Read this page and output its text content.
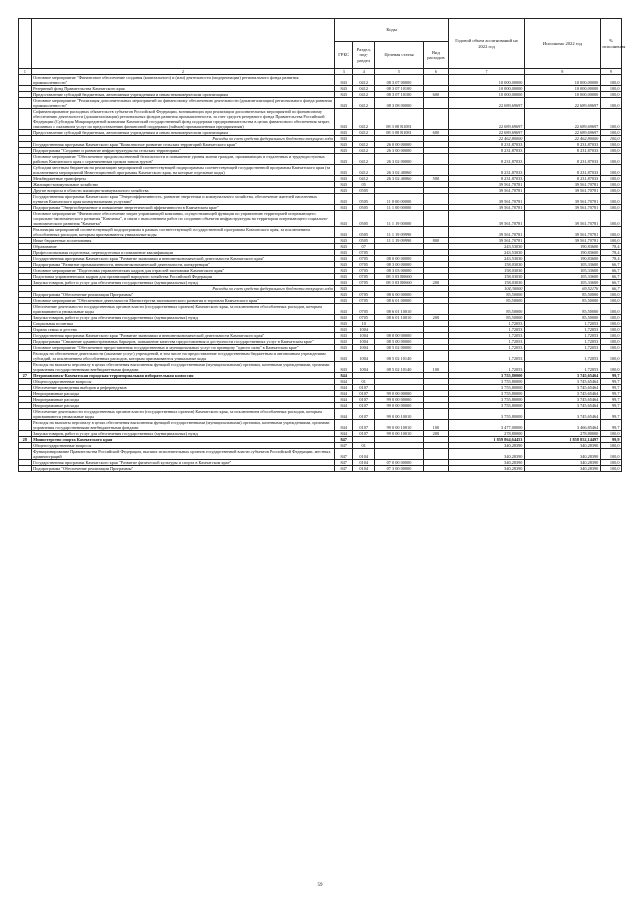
		Коды				Годовой объем ассигнований на 2022 год	Исполнено 2022 год	% исполнения
		ГРБС	Раздел, под- раздел	Целевая статья	Вид расходов			
1	2	3	4	5	6	7	8	9
	Основное мероприятие "Финансовое обеспечение создания (капитального) и (или) деятельности (модернизации) регионального фонда развития промышленности"	843	0412	08 3 07 00000		10 000,00000	10 000,00000	100,0
	Резервный фонд Правительства Камчатского края	843	0412	08 3 07 10100		10 000,00000	10 000,00000	100,0
	Предоставление субсидий бюджетным, автономным учреждениям и иным некоммерческим организациям	843	0412	08 3 07 10100	600	10 000,00000	10 000,00000	100,0
	Основное мероприятие "Реализация дополнительных мероприятий по финансовому обеспечению деятельности (докапитализации) регионального фонда развития промышленности"	843	0412	08 3 08 00000		22 689,69697	22 689,69697	100,0
	Софинансирование расходных обязательств субъектов Российской Федерации, возникающих при реализации дополнительных мероприятий по финансовому обеспечению деятельности (докапитализации) региональных фондов развития промышленности, за счет средств резервного фонда Правительства Российской Федерации (Субсидия Микрокредитной компании Камчатский государственный фонд поддержки предпринимательства в целях финансового обеспечения затрат, связанных с оказанием услуг по предоставлению финансовой поддержки (займов) промышленным предприятиям)	843	0412	08 3 08 R1081		22 689,69697	22 689,69697	100,0
	Предоставление субсидий бюджетным, автономным учреждениям и иным некоммерческим организациям	843	0412	08 3 08 R1081	600	22 689,69697	22 689,69697	100,0
	Расходы за счет средств федерального бюджета текущего года	843				22 462,80000	22 462,80000	100,0
	Государственная программа Камчатского края "Комплексное развитие сельских территорий Камчатского края"	843	0412	26 0 00 00000		8 231,87033	8 231,87033	100,0
	Подпрограмма "Создание и развитие инфраструктуры на сельских территориях"	843	0412	26 3 00 00000		8 231,87033	8 231,87033	100,0
	Основное мероприятие "Обеспечение продовольственной безопасности и повышение уровня жизни граждан, проживающих в отдаленных и труднодоступных районах Камчатского края с ограниченным сроком завоза грузов"	843	0412	26 3 02 00000		8 231,87033	8 231,87033	100,0
	Субсидии местным бюджетам на реализацию мероприятий соответствующей подпрограммы соответствующей государственной программы Камчатского края (за исключением мероприятий Инвестиционной программы Камчатского края, на которые отдельные коды)	843	0412	26 3 02 40060		8 231,87033	8 231,87033	100,0
	Межбюджетные трансферты	843	0412	26 3 02 40060	500	8 231,87033	8 231,87033	100,0
	Жилищно-коммунальное хозяйство	843	05			39 561,70781	39 561,70781	100,0
	Другие вопросы в области жилищно-коммунального хозяйства	843	0505			39 561,70781	39 561,70781	100,0
	Государственная программа Камчатского края "Энергоэффективность, развитие энергетики и коммунального хозяйства, обеспечение жителей населенных пунктов Камчатского края коммунальными услугами"	843	0505	11 0 00 00000		39 561,70781	39 561,70781	100,0
	Подпрограмма "Энергосбережение и повышение энергетической эффективности в Камчатском крае"	843	0505	11 1 00 00000		39 561,70781	39 561,70781	100,0
	Основное мероприятие "Финансовое обеспечение затрат управляющей компании, осуществляющей функции по управлению территорией опережающего социально-экономического развития "Камчатка", в связи с выполнением работ по созданию объектов инфраструктуры на территории опережающего социально-экономического развития "Камчатка"	843	0505	11 1 19 00000		39 561,70781	39 561,70781	100,0
	Реализация мероприятий соответствующей подпрограммы в рамках соответствующей государственной программы Камчатского края, за исключением обособленных расходов, которым присваиваются уникальные коды	843	0505	11 1 19 09990		39 561,70781	39 561,70781	100,0
	Иные бюджетные ассигнования	843	0505	11 1 19 09990	800	39 561,70781	39 561,70781	100,0
	Образование	843	07			243,53030	190,83600	78,4
	Профессиональная подготовка, переподготовка и повышение квалификации	843	0705			243,53030	190,83600	78,4
	Государственная программа Камчатского края "Развитие экономики и внешнеэкономической деятельности Камчатского края"	843	0705	08 0 00 00000		243,53030	190,83600	78,4
	Подпрограмма "Развитие промышленности, внешнеэкономической деятельности, конкуренции"	843	0705	08 3 00 00000		158,03030	105,33600	66,7
	Основное мероприятие "Подготовка управленческих кадров для отраслей экономики Камчатского края"	843	0705	08 3 03 00000		158,03030	105,33600	66,7
	Подготовка управленческих кадров для организаций народного хозяйства Российской Федерации	843	0705	08 3 03 R0660		158,03030	105,33600	66,7
	Закупка товаров, работ и услуг для обеспечения государственных (муниципальных) нужд	843	0705	08 3 03 R0660	200	158,03030	105,33600	66,7
	Расходы за счет средств федерального бюджета текущего года	843				104,30000	69,52176	66,7
	Подпрограмма "Обеспечение реализации Программы"	843	0705	08 6 00 00000		85,50000	85,50000	100,0
	Основное мероприятие "Обеспечение деятельности Министерства экономического развития и торговли Камчатского края"	843	0705	08 6 01 00000		85,50000	85,50000	100,0
	Обеспечение деятельности государственных органов власти (государственных органов) Камчатского края, за исключением обособленных расходов, которым присваиваются уникальные коды	843	0705	08 6 01 10010		85,50000	85,50000	100,0
	Закупка товаров, работ и услуг для обеспечения государственных (муниципальных) нужд	843	0705	08 6 01 10010	200	85,50000	85,50000	100,0
	Социальная политика	843	10			1,72053	1,72053	100,0
	Охрана семьи и детства	843	1004			1,72053	1,72053	100,0
	Государственная программа Камчатского края "Развитие экономики и внешнеэкономической деятельности Камчатского края"	843	1004	08 0 00 00000		1,72053	1,72053	100,0
	Подпрограмма "Снижение административных барьеров, повышение качества предоставления и доступности государственных услуг в Камчатском крае"	843	1004	08 5 00 00000		1,72053	1,72053	100,0
	Основное мероприятие "Обеспечение предоставления государственных и муниципальных услуг по принципу "одного окна" в Камчатском крае"	843	1004	08 5 02 00000		1,72053	1,72053	100,0
	Расходы на обеспечение деятельности (оказание услуг) учреждений, в том числе на предоставление государственным бюджетным и автономным учреждениям субсидий, за исключением обособленных расходов, которым присваиваются уникальные коды	843	1004	08 5 02 10140		1,72053	1,72053	100,0
	Расходы на выплаты персоналу в целях обеспечения выполнения функций государственными (муниципальными) органами, казенными учреждениями, органами управления государственными внебюджетными фондами	843	1004	08 5 02 10140	100	1,72053	1,72053	100,0
27	Петропавловск-Камчатская городская территориальная избирательная комиссия	844				3 755,80000	3 745,65464	99,7
	Общегосударственные вопросы	844	01			3 755,80000	3 745,65464	99,7
	Обеспечение проведения выборов и референдумов	844	0107			3 755,80000	3 745,65464	99,7
	Непрограммные расходы	844	0107	99 0 00 00000		3 755,80000	3 745,65464	99,7
	Непрограммные расходы	844	0107	99 0 00 00000		3 755,80000	3 745,65464	99,7
	Непрограммные расходы	844	0107	99 0 00 00000		3 755,80000	3 745,65464	99,7
	Обеспечение деятельности государственных органов власти (государственных органов) Камчатского края, за исключением обособленных расходов, которым присваиваются уникальные коды	844	0107	99 0 00 10010		3 755,80000	3 745,65464	99,7
	Расходы на выплаты персоналу в целях обеспечения выполнения функций государственными (муниципальными) органами, казенными учреждениями, органами управления государственными внебюджетными фондами	844	0107	99 0 00 10010	100	3 477,00000	3 466,85464	99,7
	Закупка товаров, работ и услуг для обеспечения государственных (муниципальных) нужд	844	0107	99 0 00 10010	200	278,80000	278,80000	100,0
28	Министерство спорта Камчатского края	847				1 859 864,64453	1 858 852,14497	99,9
	Общегосударственные вопросы	847	01			340,28390	340,28390	100,0
	Функционирование Правительства Российской Федерации, высших исполнительных органов государственной власти субъектов Российской Федерации, местных администраций	847	0104			340,28390	340,28390	100,0
	Государственная программа Камчатского края "Развитие физической культуры и спорта в Камчатском крае"	847	0104	07 0 00 00000		340,28390	340,28390	100,0
	Подпрограмма "Обеспечение реализации Программы"	847	0104	07 3 00 00000		340,28390	340,28390	100,0
59
